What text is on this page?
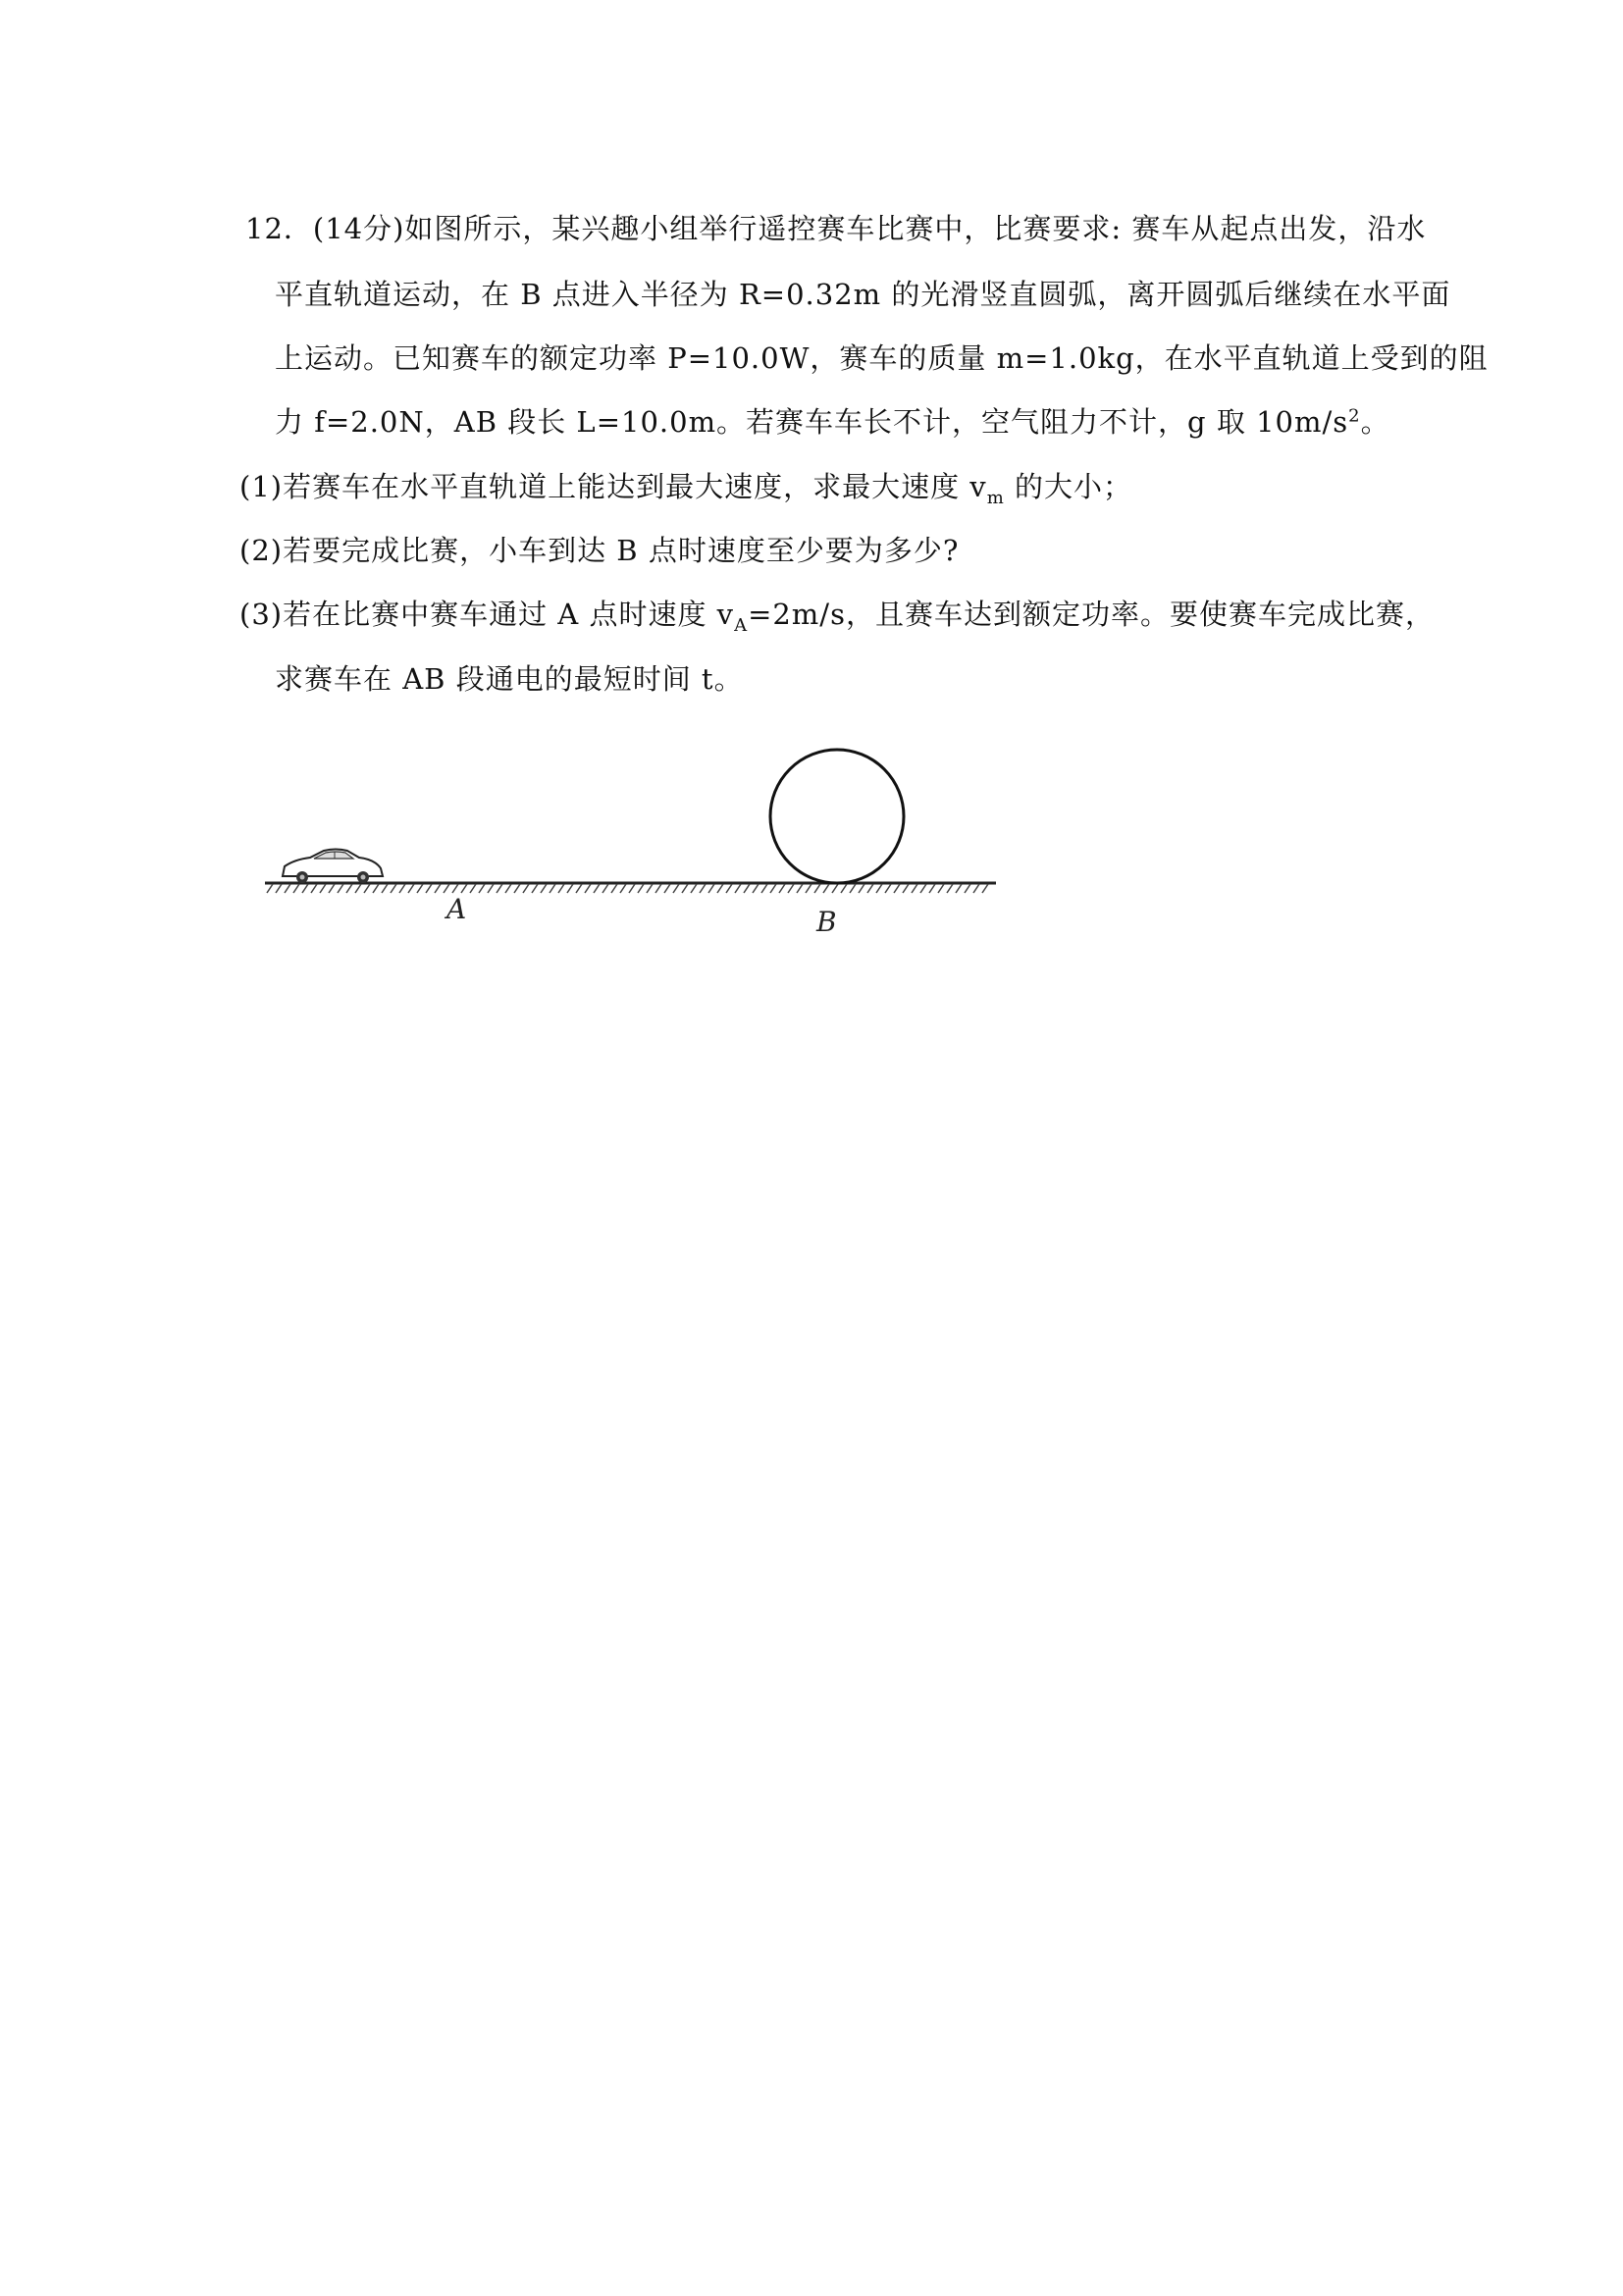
12．(14分)如图所示，某兴趣小组举行遥控赛车比赛中，比赛要求: 赛车从起点出发，沿水
平直轨道运动，在 B 点进入半径为 R=0.32m 的光滑竖直圆弧，离开圆弧后继续在水平面
上运动。已知赛车的额定功率 P=10.0W，赛车的质量 m=1.0kg，在水平直轨道上受到的阻
力 f=2.0N，AB 段长 L=10.0m。若赛车车长不计，空气阻力不计，g 取 $10m/s^2$。
(1)若赛车在水平直轨道上能达到最大速度，求最大速度 $v_m$ 的大小；
(2)若要完成比赛，小车到达 B 点时速度至少要为多少?
(3)若在比赛中赛车通过 A 点时速度 $v_A=2m/s$，且赛车达到额定功率。要使赛车完成比赛，
求赛车在 AB 段通电的最短时间 t。
A	B
